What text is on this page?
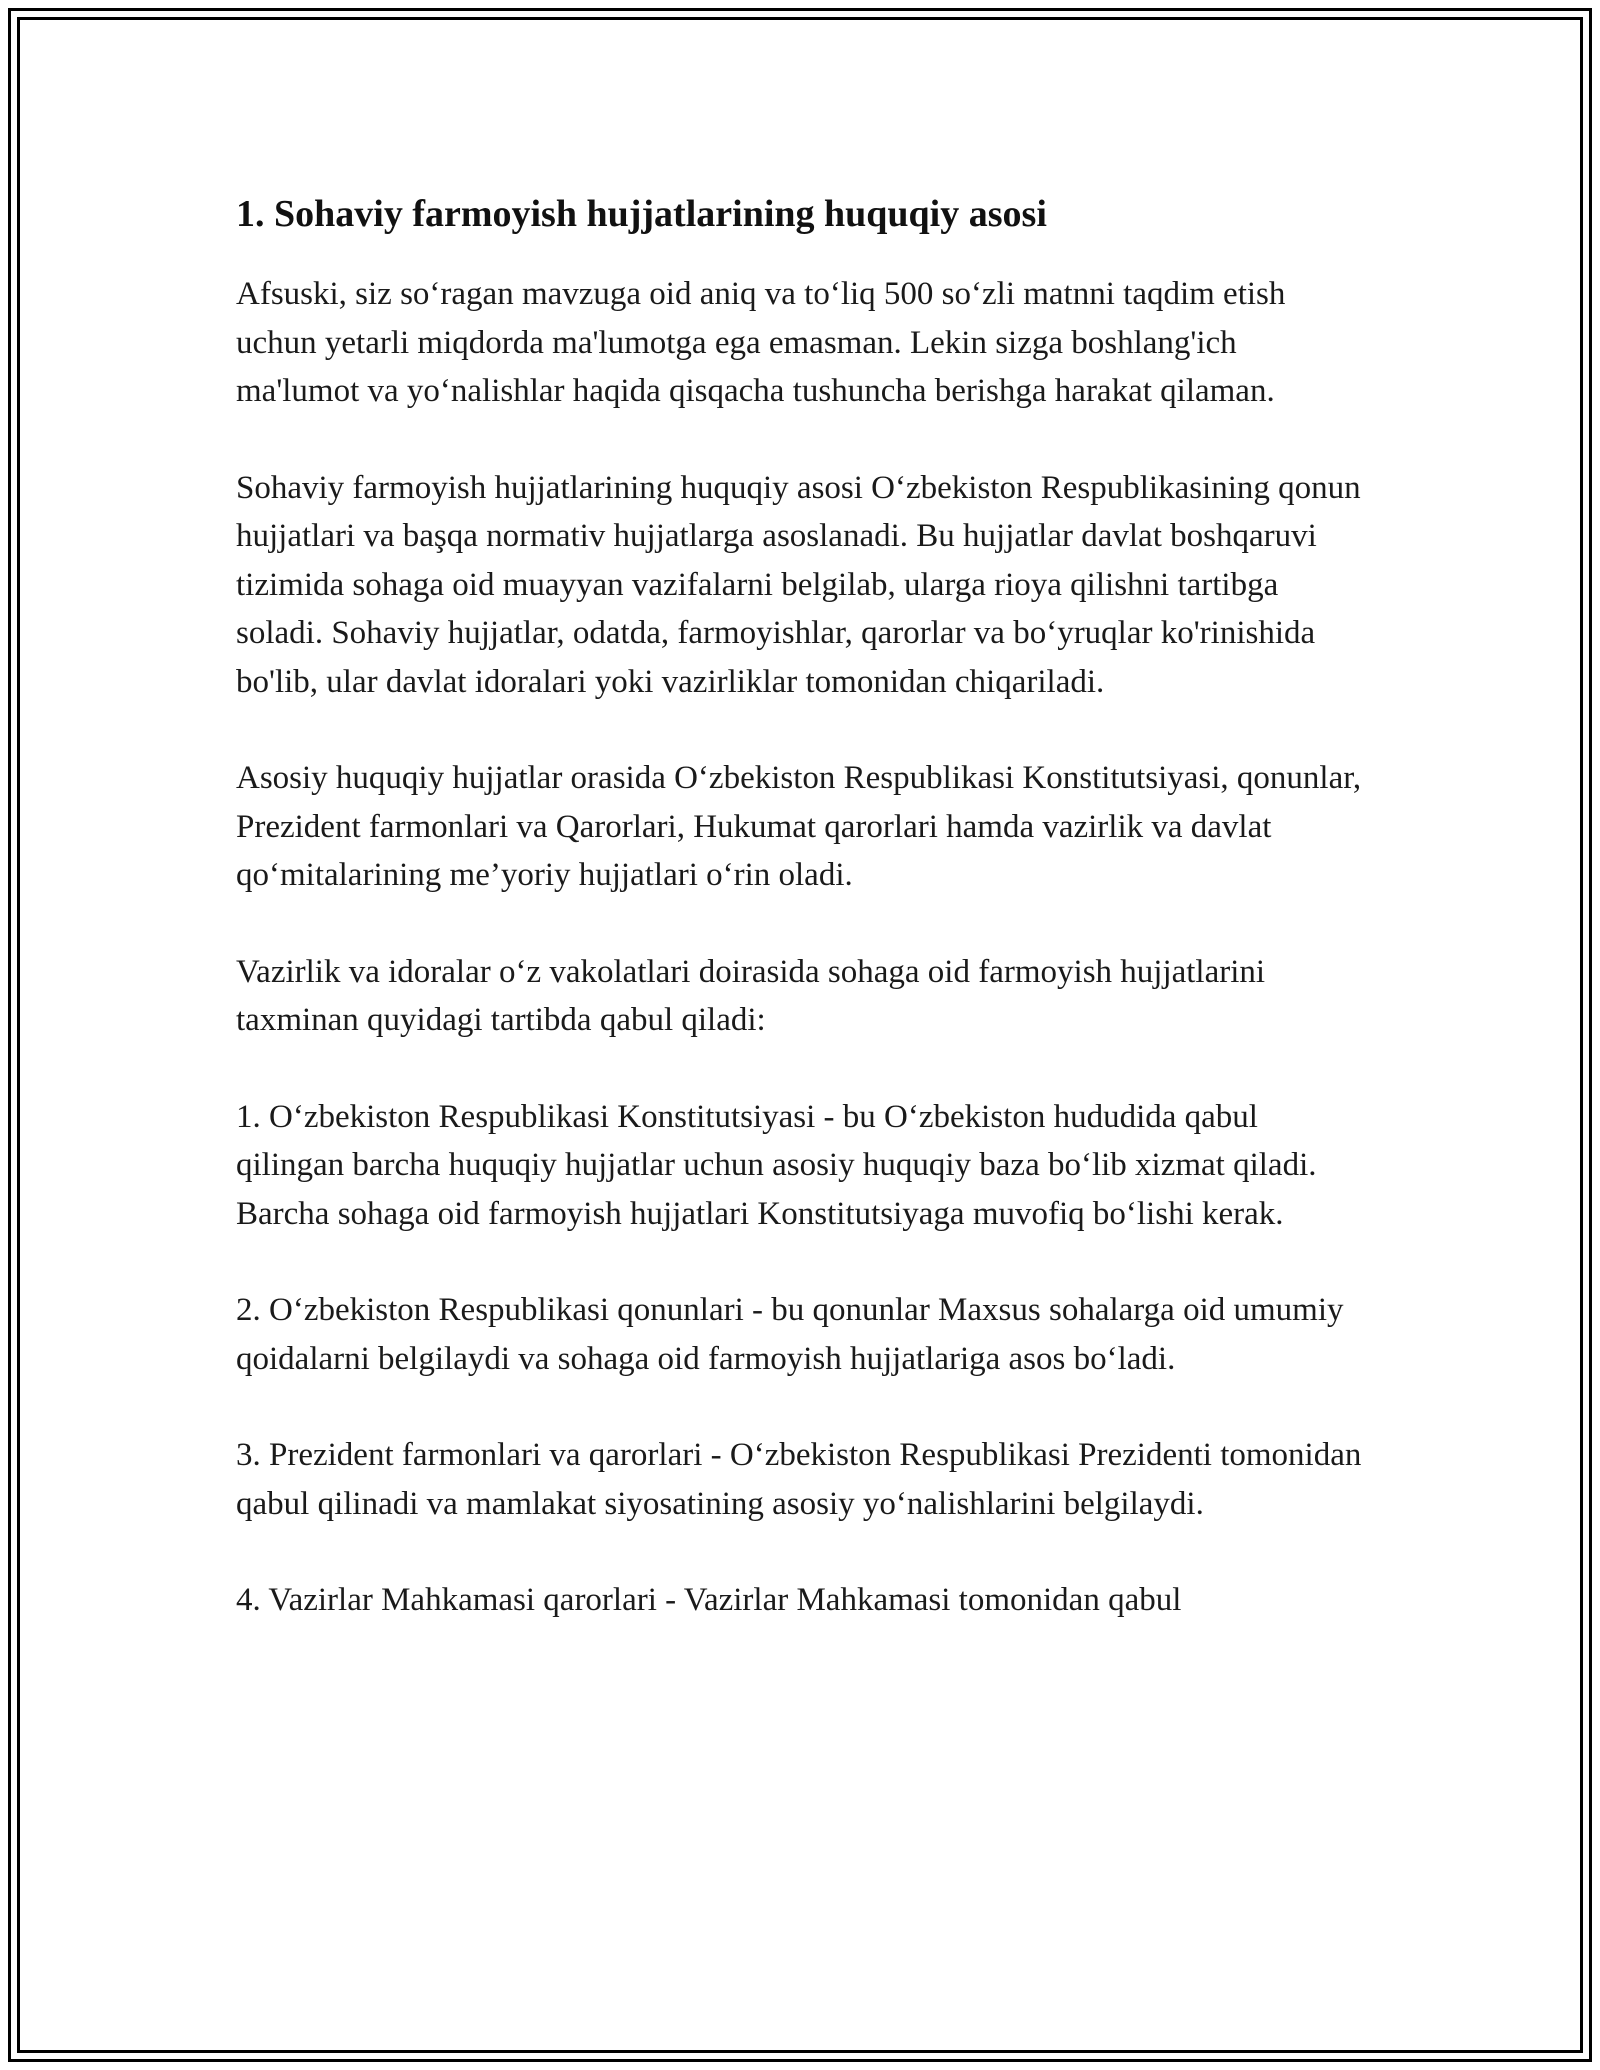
1. Sohaviy farmoyish hujjatlarining huquqiy asosi

Afsuski, siz so‘ragan mavzuga oid aniq va to‘liq 500 so‘zli matnni taqdim etish uchun yetarli miqdorda ma'lumotga ega emasman. Lekin sizga boshlang'ich ma'lumot va yo‘nalishlar haqida qisqacha tushuncha berishga harakat qilaman.

Sohaviy farmoyish hujjatlarining huquqiy asosi O‘zbekiston Respublikasining qonun hujjatlari va başqa normativ hujjatlarga asoslanadi. Bu hujjatlar davlat boshqaruvi tizimida sohaga oid muayyan vazifalarni belgilab, ularga rioya qilishni tartibga soladi. Sohaviy hujjatlar, odatda, farmoyishlar, qarorlar va bo‘yruqlar ko'rinishida bo'lib, ular davlat idoralari yoki vazirliklar tomonidan chiqariladi.

Asosiy huquqiy hujjatlar orasida O‘zbekiston Respublikasi Konstitutsiyasi, qonunlar, Prezident farmonlari va Qarorlari, Hukumat qarorlari hamda vazirlik va davlat qo‘mitalarining me’yoriy hujjatlari o‘rin oladi.

Vazirlik va idoralar o‘z vakolatlari doirasida sohaga oid farmoyish hujjatlarini taxminan quyidagi tartibda qabul qiladi:

1. O‘zbekiston Respublikasi Konstitutsiyasi - bu O‘zbekiston hududida qabul qilingan barcha huquqiy hujjatlar uchun asosiy huquqiy baza bo‘lib xizmat qiladi. Barcha sohaga oid farmoyish hujjatlari Konstitutsiyaga muvofiq bo‘lishi kerak.

2. O‘zbekiston Respublikasi qonunlari - bu qonunlar Maxsus sohalarga oid umumiy qoidalarni belgilaydi va sohaga oid farmoyish hujjatlariga asos bo‘ladi.

3. Prezident farmonlari va qarorlari - O‘zbekiston Respublikasi Prezidenti tomonidan qabul qilinadi va mamlakat siyosatining asosiy yo‘nalishlarini belgilaydi.

4. Vazirlar Mahkamasi qarorlari - Vazirlar Mahkamasi tomonidan qabul
